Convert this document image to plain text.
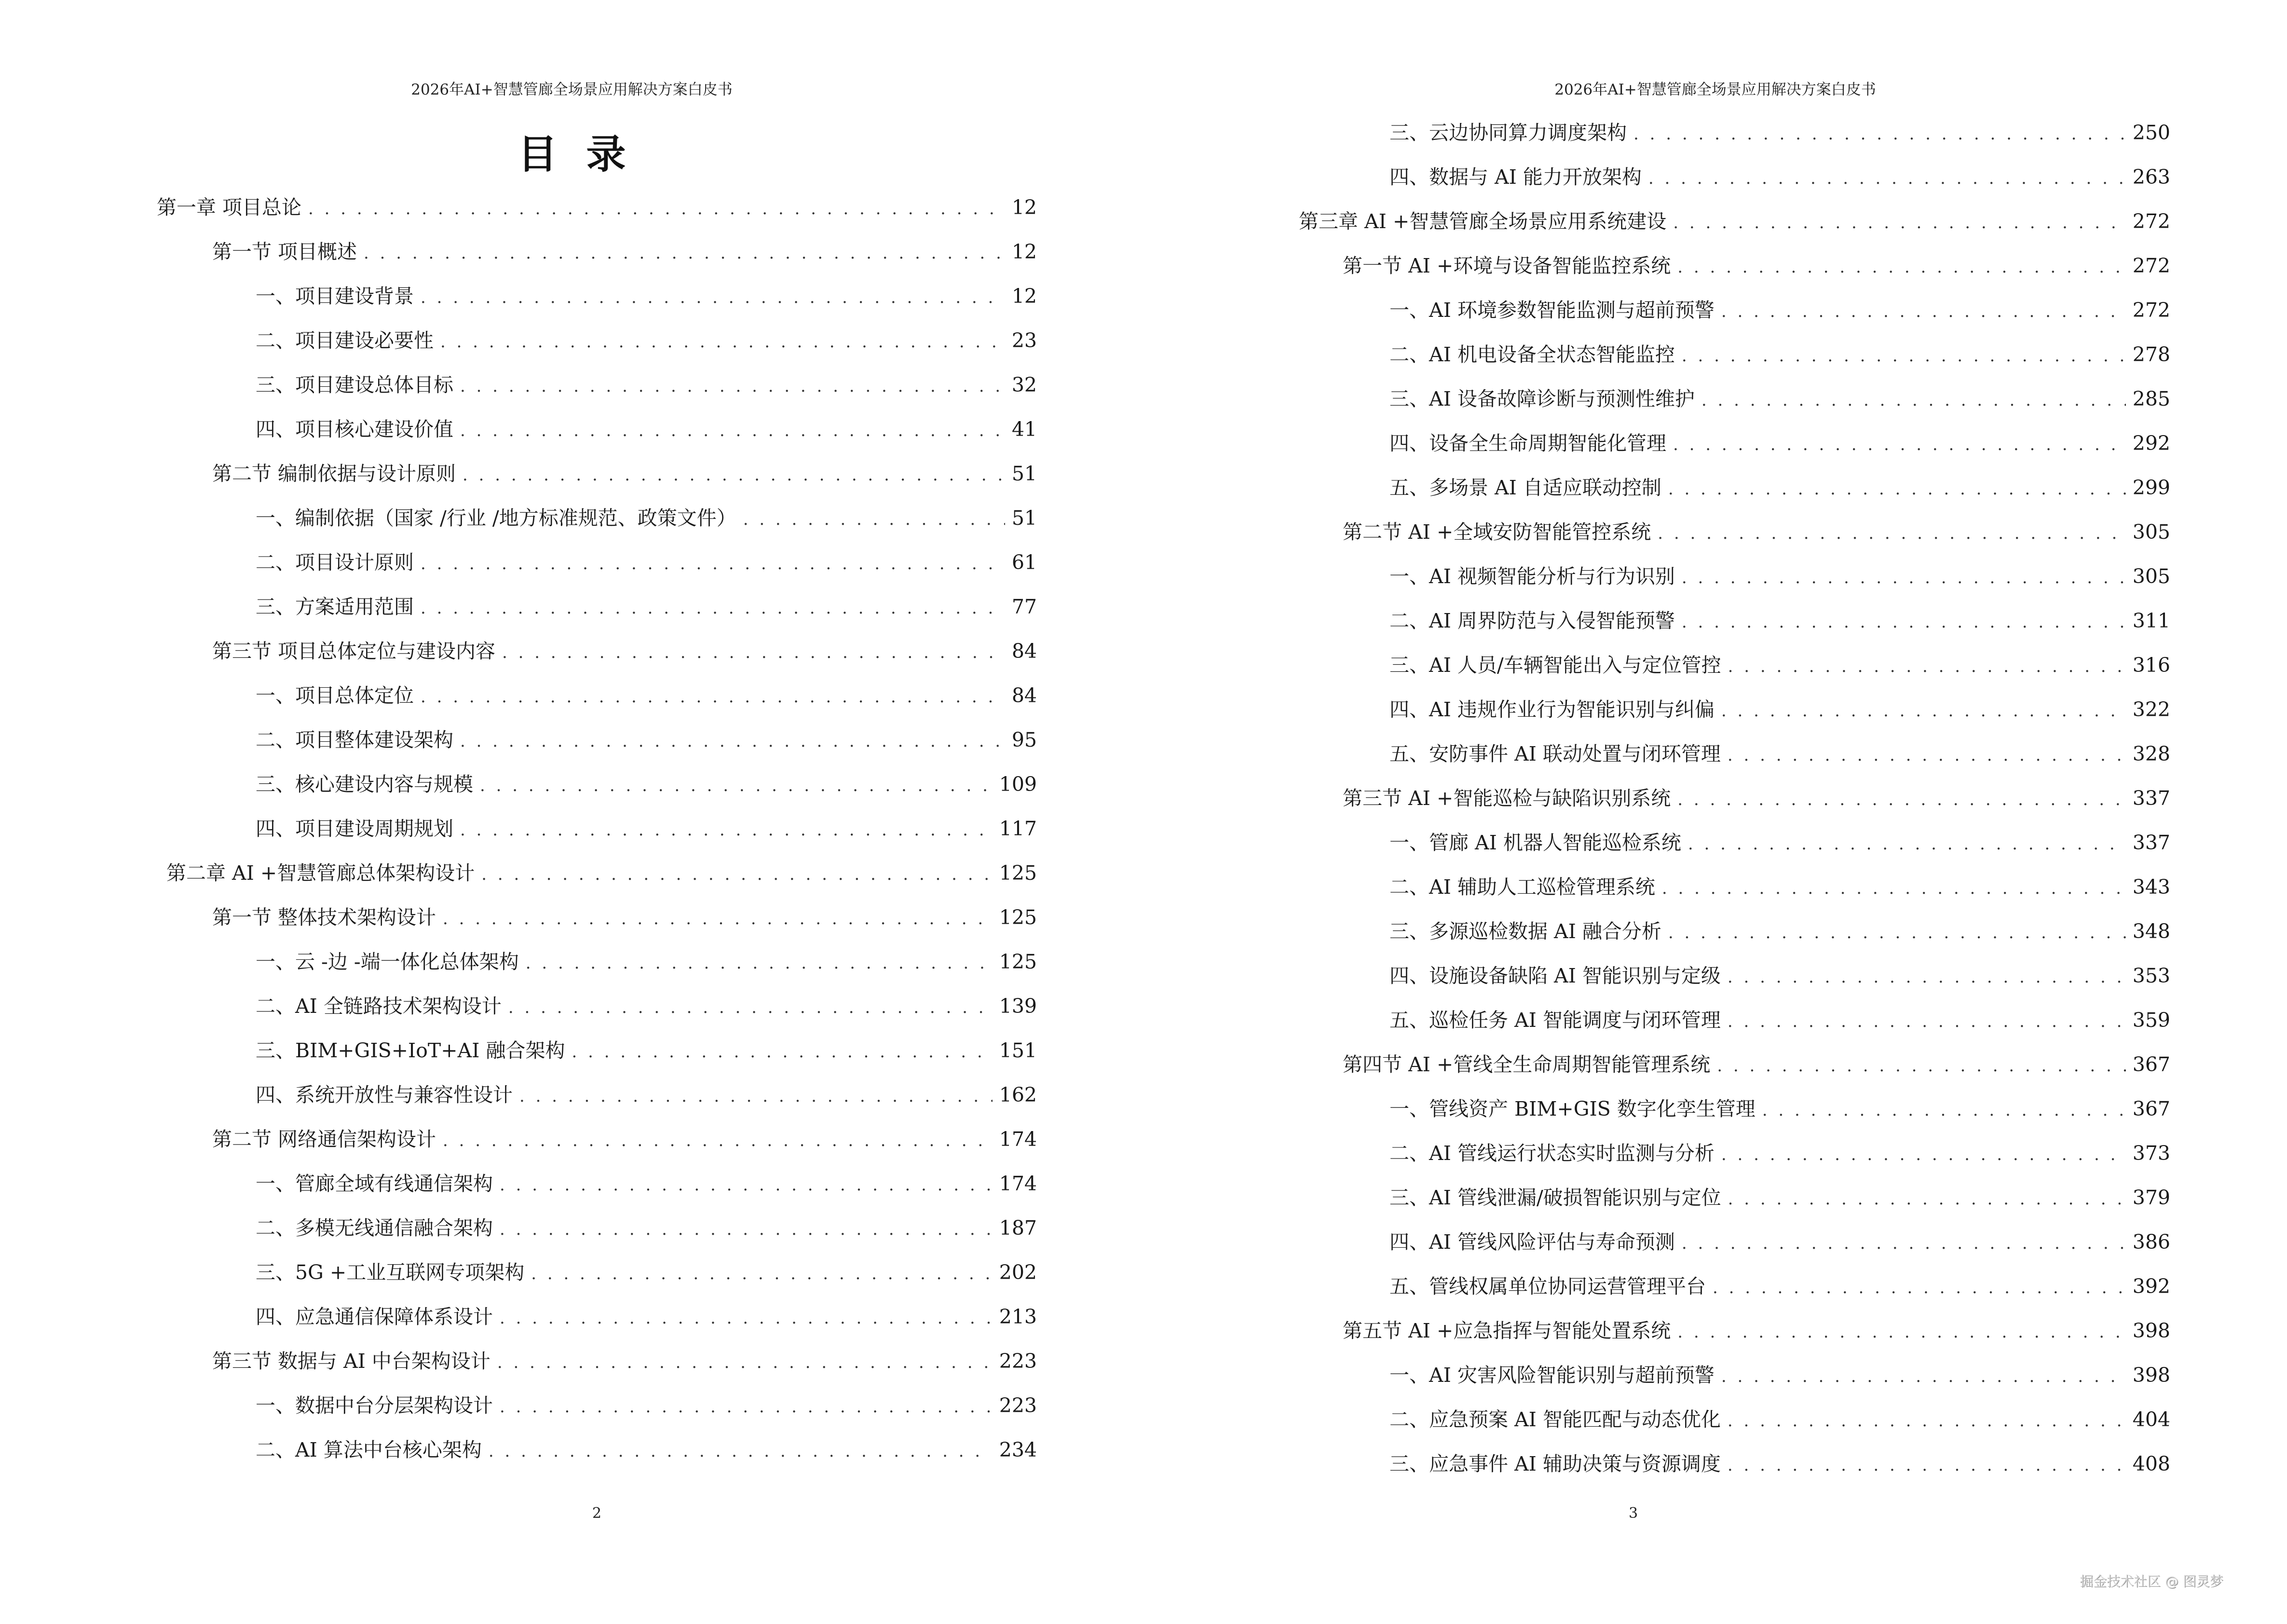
2026年AI+智慧管廊全场景应用解决方案白皮书
目录
第一章 项目总论 . . .	12
第一节 项目概述 . . .	12
一、项目建设背景 . . .	12
二、项目建设必要性 . . .	23
三、项目建设总体目标 . . .	32
四、项目核心建设价值 . . .	41
第二节 编制依据与设计原则 . . .	51
一、编制依据（国家 /行业 /地方标准规范、政策文件） . . .	51
二、项目设计原则 . . .	61
三、方案适用范围 . . .	77
第三节 项目总体定位与建设内容 . . .	84
一、项目总体定位 . . .	84
二、项目整体建设架构 . . .	95
三、核心建设内容与规模 . . .	109
四、项目建设周期规划 . . .	117
第二章 AI +智慧管廊总体架构设计 . . .	125
第一节 整体技术架构设计 . . .	125
一、云 -边 -端一体化总体架构 . . .	125
二、AI 全链路技术架构设计 . . .	139
三、BIM+GIS+IoT+AI 融合架构 . . .	151
四、系统开放性与兼容性设计 . . .	162
第二节 网络通信架构设计 . . .	174
一、管廊全域有线通信架构 . . .	174
二、多模无线通信融合架构 . . .	187
三、5G +工业互联网专项架构 . . .	202
四、应急通信保障体系设计 . . .	213
第三节 数据与 AI 中台架构设计 . . .	223
一、数据中台分层架构设计 . . .	223
二、AI 算法中台核心架构 . . .	234
2
2026年AI+智慧管廊全场景应用解决方案白皮书
三、云边协同算力调度架构 . . .	250
四、数据与 AI 能力开放架构 . . .	263
第三章 AI +智慧管廊全场景应用系统建设 . . .	272
第一节 AI +环境与设备智能监控系统 . . .	272
一、AI 环境参数智能监测与超前预警 . . .	272
二、AI 机电设备全状态智能监控 . . .	278
三、AI 设备故障诊断与预测性维护 . . .	285
四、设备全生命周期智能化管理 . . .	292
五、多场景 AI 自适应联动控制 . . .	299
第二节 AI +全域安防智能管控系统 . . .	305
一、AI 视频智能分析与行为识别 . . .	305
二、AI 周界防范与入侵智能预警 . . .	311
三、AI 人员/车辆智能出入与定位管控 . . .	316
四、AI 违规作业行为智能识别与纠偏 . . .	322
五、安防事件 AI 联动处置与闭环管理 . . .	328
第三节 AI +智能巡检与缺陷识别系统 . . .	337
一、管廊 AI 机器人智能巡检系统 . . .	337
二、AI 辅助人工巡检管理系统 . . .	343
三、多源巡检数据 AI 融合分析 . . .	348
四、设施设备缺陷 AI 智能识别与定级 . . .	353
五、巡检任务 AI 智能调度与闭环管理 . . .	359
第四节 AI +管线全生命周期智能管理系统 . . .	367
一、管线资产 BIM+GIS 数字化孪生管理 . . .	367
二、AI 管线运行状态实时监测与分析 . . .	373
三、AI 管线泄漏/破损智能识别与定位 . . .	379
四、AI 管线风险评估与寿命预测 . . .	386
五、管线权属单位协同运营管理平台 . . .	392
第五节 AI +应急指挥与智能处置系统 . . .	398
一、AI 灾害风险智能识别与超前预警 . . .	398
二、应急预案 AI 智能匹配与动态优化 . . .	404
三、应急事件 AI 辅助决策与资源调度 . . .	408
3
掘金技术社区 @ 图灵梦
